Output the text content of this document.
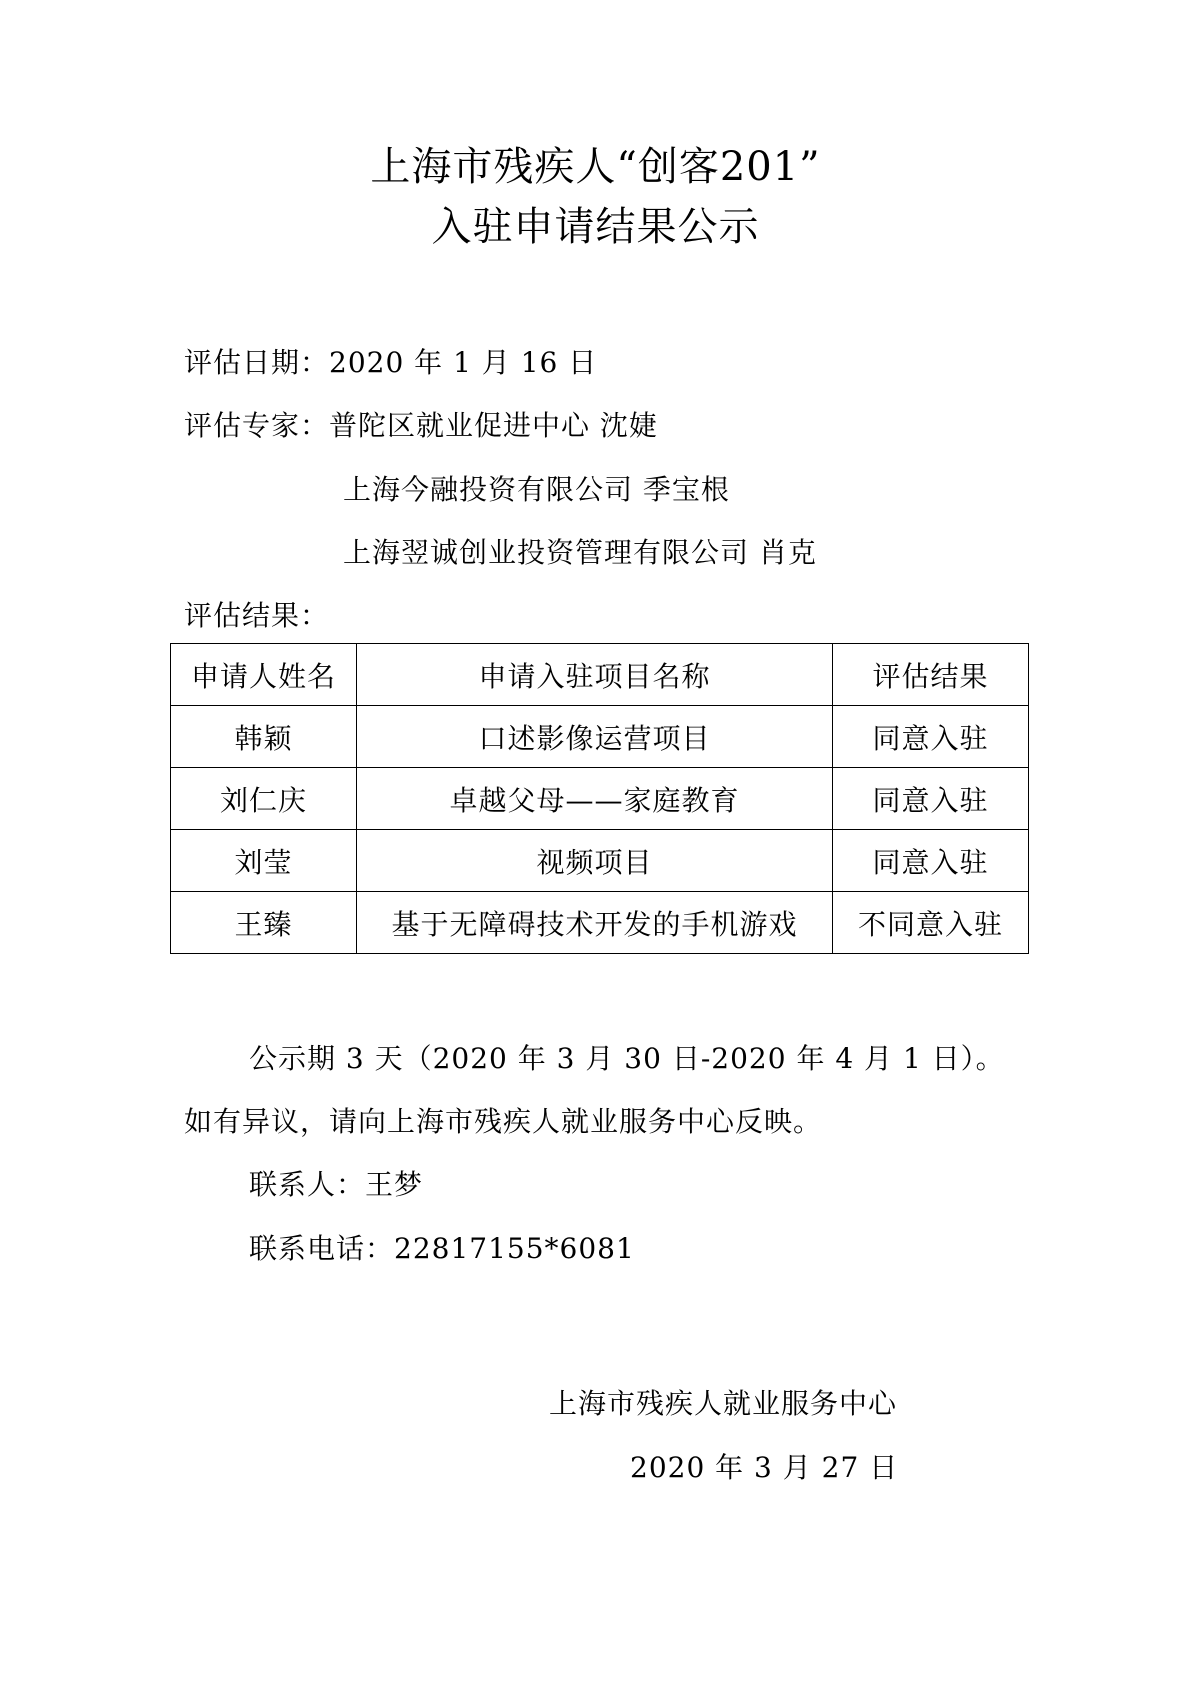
上海市残疾人“创客201”
入驻申请结果公示
评估日期：2020 年 1 月 16 日
评估专家：普陀区就业促进中心 沈婕
上海今融投资有限公司 季宝根
上海翌诚创业投资管理有限公司 肖克
评估结果：
申请人姓名	申请入驻项目名称	评估结果
韩颖	口述影像运营项目	同意入驻
刘仁庆	卓越父母——家庭教育	同意入驻
刘莹	视频项目	同意入驻
王臻	基于无障碍技术开发的手机游戏	不同意入驻
公示期 3 天（2020 年 3 月 30 日-2020 年 4 月 1 日）。
如有异议，请向上海市残疾人就业服务中心反映。
联系人：王梦
联系电话：22817155*6081
上海市残疾人就业服务中心
2020 年 3 月 27 日
